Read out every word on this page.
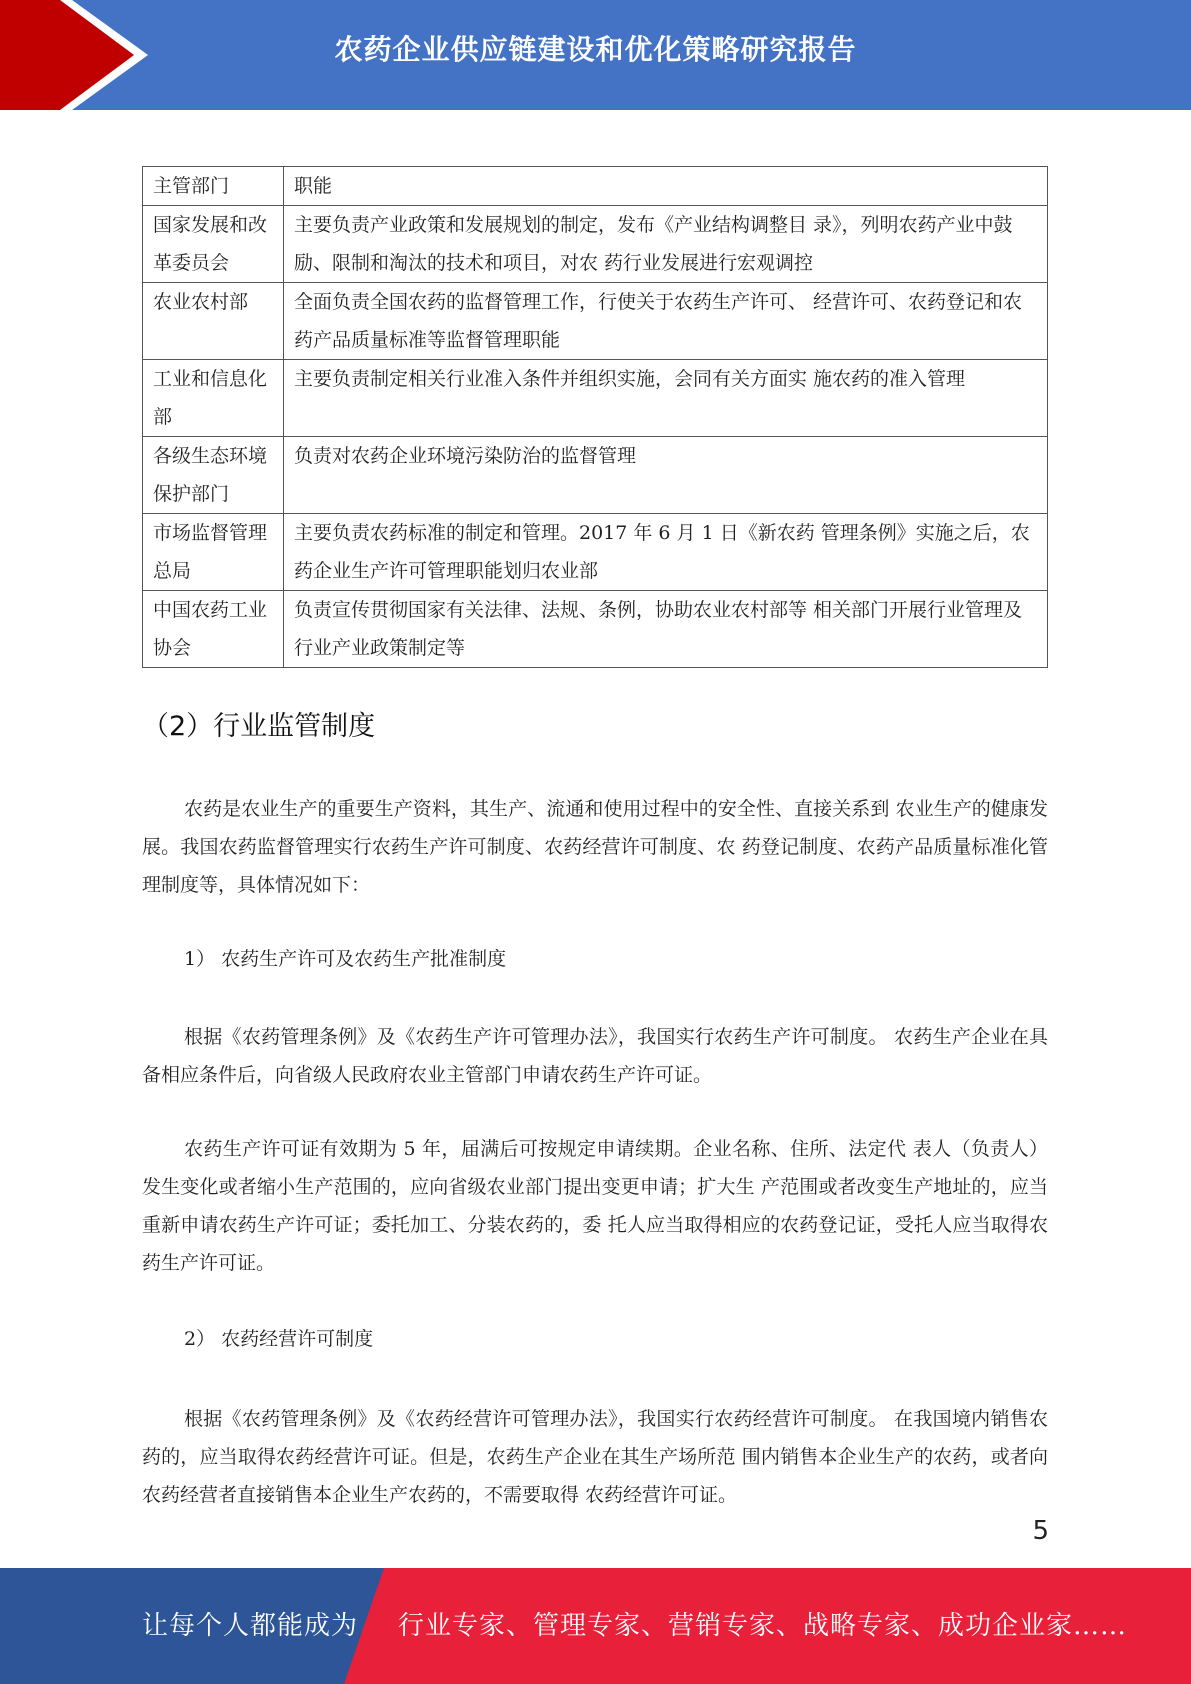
农药企业供应链建设和优化策略研究报告
主管部门	职能
国家发展和改革委员会	主要负责产业政策和发展规划的制定，发布《产业结构调整目 录》，列明农药产业中鼓励、限制和淘汰的技术和项目，对农 药行业发展进行宏观调控
农业农村部	全面负责全国农药的监督管理工作，行使关于农药生产许可、 经营许可、农药登记和农药产品质量标准等监督管理职能
工业和信息化部	主要负责制定相关行业准入条件并组织实施，会同有关方面实 施农药的准入管理
各级生态环境保护部门	负责对农药企业环境污染防治的监督管理
市场监督管理总局	主要负责农药标准的制定和管理。2017 年 6 月 1 日《新农药 管理条例》实施之后，农药企业生产许可管理职能划归农业部
中国农药工业协会	负责宣传贯彻国家有关法律、法规、条例，协助农业农村部等 相关部门开展行业管理及行业产业政策制定等
（2）行业监管制度

农药是农业生产的重要生产资料，其生产、流通和使用过程中的安全性、直接关系到 农业生产的健康发展。我国农药监督管理实行农药生产许可制度、农药经营许可制度、农 药登记制度、农药产品质量标准化管理制度等，具体情况如下：

1） 农药生产许可及农药生产批准制度

根据《农药管理条例》及《农药生产许可管理办法》，我国实行农药生产许可制度。 农药生产企业在具备相应条件后，向省级人民政府农业主管部门申请农药生产许可证。

农药生产许可证有效期为 5 年，届满后可按规定申请续期。企业名称、住所、法定代 表人（负责人）发生变化或者缩小生产范围的，应向省级农业部门提出变更申请；扩大生 产范围或者改变生产地址的，应当重新申请农药生产许可证；委托加工、分装农药的，委 托人应当取得相应的农药登记证，受托人应当取得农药生产许可证。

2） 农药经营许可制度

根据《农药管理条例》及《农药经营许可管理办法》，我国实行农药经营许可制度。 在我国境内销售农药的，应当取得农药经营许可证。但是，农药生产企业在其生产场所范 围内销售本企业生产的农药，或者向农药经营者直接销售本企业生产农药的，不需要取得 农药经营许可证。

5
让每个人都能成为 行业专家、管理专家、营销专家、战略专家、成功企业家……
